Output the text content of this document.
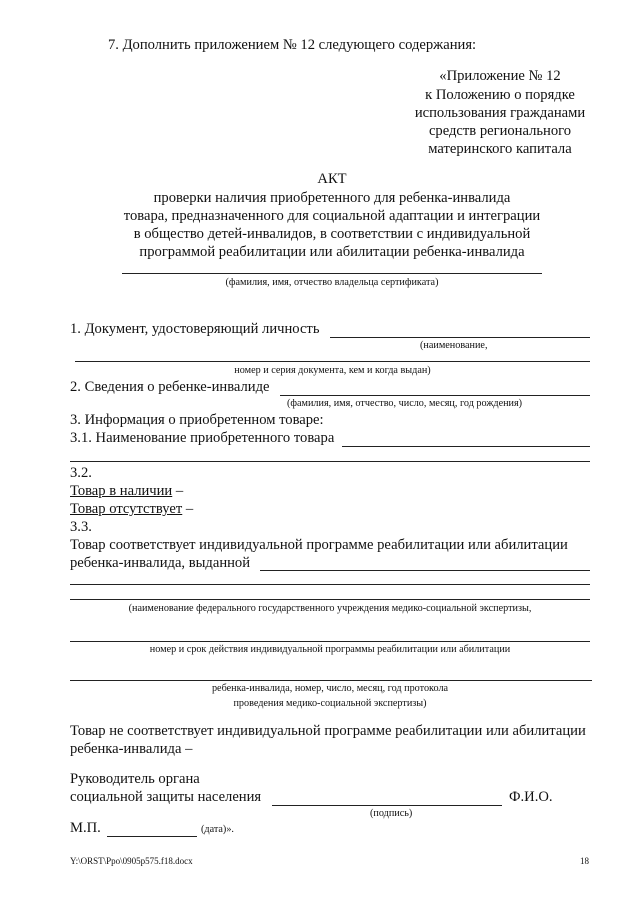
7. Дополнить приложением № 12 следующего содержания:
«Приложение № 12
к Положению о порядке
использования гражданами
средств регионального
материнского капитала
АКТ
проверки наличия приобретенного для ребенка-инвалида
товара, предназначенного для социальной адаптации и интеграции
в общество детей-инвалидов, в соответствии с индивидуальной
программой реабилитации или абилитации ребенка-инвалида
(фамилия, имя, отчество владельца сертификата)
1. Документ, удостоверяющий личность
(наименование,
номер и серия документа, кем и когда выдан)
2. Сведения о ребенке-инвалиде
(фамилия, имя, отчество, число, месяц, год рождения)
3. Информация о приобретенном товаре:
3.1. Наименование приобретенного товара
3.2.
Товар в наличии –
Товар отсутствует –
3.3.
Товар соответствует индивидуальной программе реабилитации или абилитации
ребенка-инвалида, выданной
(наименование федерального государственного учреждения медико-социальной экспертизы,
номер и срок действия индивидуальной программы реабилитации или абилитации
ребенка-инвалида, номер, число, месяц, год протокола
проведения медико-социальной экспертизы)
Товар не соответствует индивидуальной программе реабилитации или абилитации
ребенка-инвалида –
Руководитель органа
социальной защиты населения	Ф.И.О.
(подпись)
М.П.	(дата)».
Y:\ORST\Ppo\0905p575.f18.docx	18
